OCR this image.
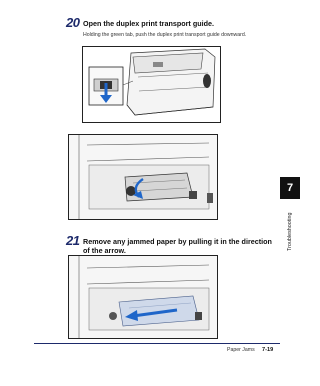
20 Open the duplex print transport guide.
Holding the green tab, push the duplex print transport guide downward.
21 Remove any jammed paper by pulling it in the direction of the arrow.
7
Troubleshooting
Paper Jams 7-19
